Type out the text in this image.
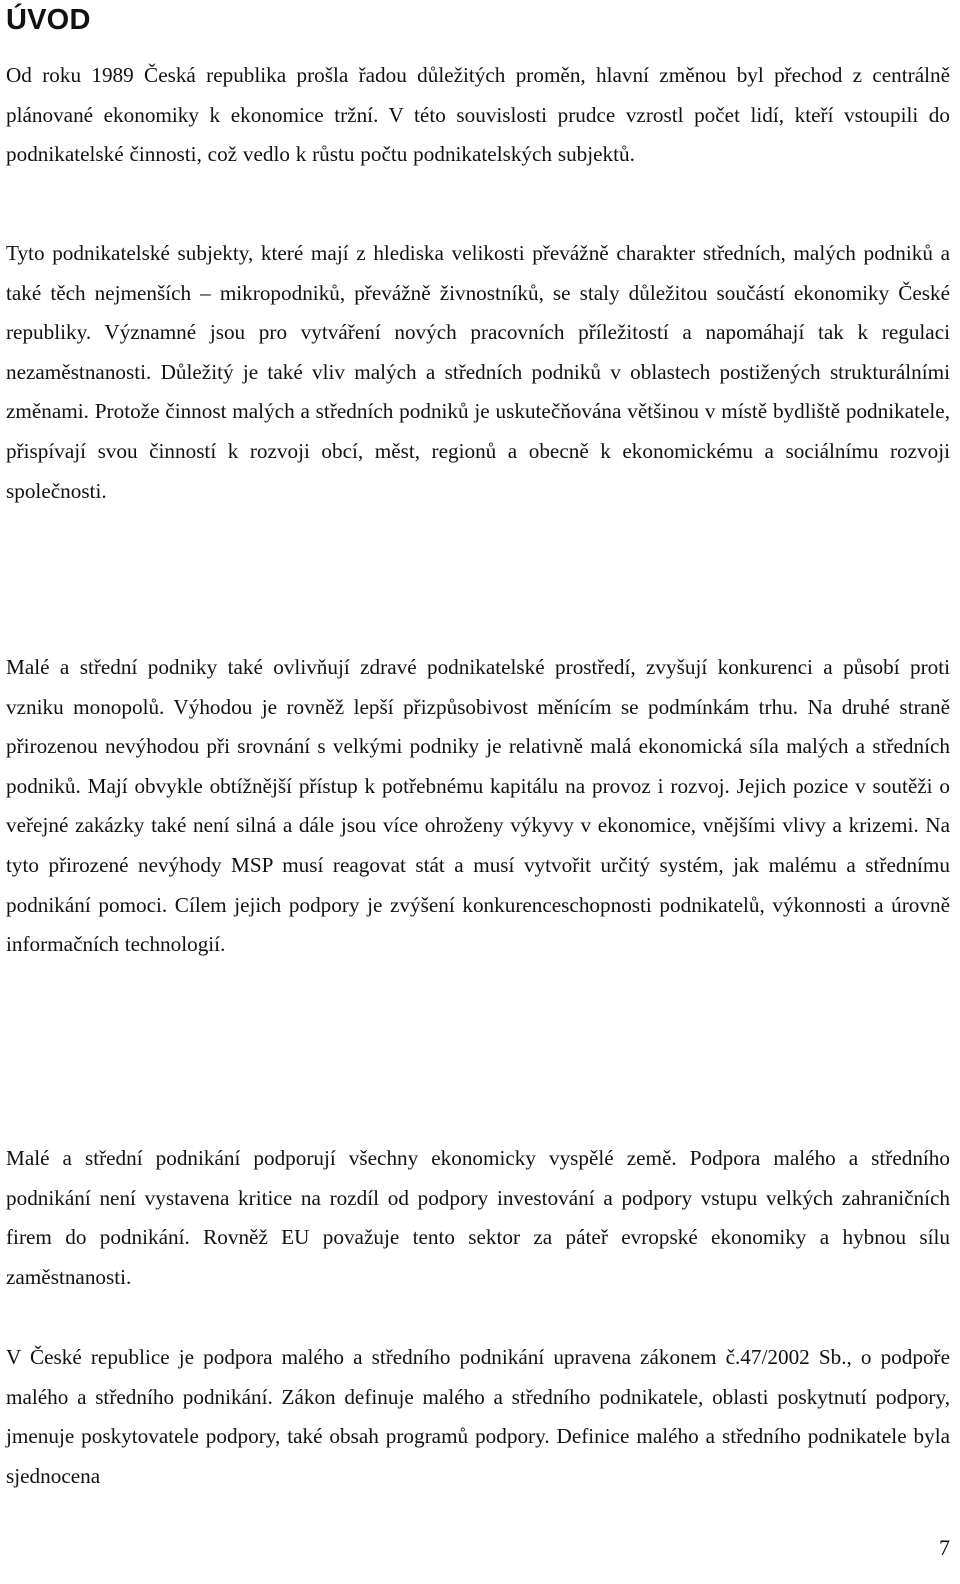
ÚVOD

Od roku 1989 Česká republika prošla řadou důležitých proměn, hlavní změnou byl přechod z centrálně plánované ekonomiky k ekonomice tržní. V této souvislosti prudce vzrostl počet lidí, kteří vstoupili do podnikatelské činnosti, což vedlo k růstu počtu podnikatelských subjektů.

Tyto podnikatelské subjekty, které mají z hlediska velikosti převážně charakter středních, malých podniků a také těch nejmenších – mikropodniků, převážně živnostníků, se staly důležitou součástí ekonomiky České republiky. Významné jsou pro vytváření nových pracovních příležitostí a napomáhají tak k regulaci nezaměstnanosti. Důležitý je také vliv malých a středních podniků v oblastech postižených strukturálními změnami. Protože činnost malých a středních podniků je uskutečňována většinou v místě bydliště podnikatele, přispívají svou činností k rozvoji obcí, měst, regionů a obecně k ekonomickému a sociálnímu rozvoji společnosti.

Malé a střední podniky také ovlivňují zdravé podnikatelské prostředí, zvyšují konkurenci a působí proti vzniku monopolů. Výhodou je rovněž lepší přizpůsobivost měnícím se podmínkám trhu. Na druhé straně přirozenou nevýhodou při srovnání s velkými podniky je relativně malá ekonomická síla malých a středních podniků. Mají obvykle obtížnější přístup k potřebnému kapitálu na provoz i rozvoj. Jejich pozice v soutěži o veřejné zakázky také není silná a dále jsou více ohroženy výkyvy v ekonomice, vnějšími vlivy a krizemi. Na tyto přirozené nevýhody MSP musí reagovat stát a musí vytvořit určitý systém, jak malému a střednímu podnikání pomoci. Cílem jejich podpory je zvýšení konkurenceschopnosti podnikatelů, výkonnosti a úrovně informačních technologií.

Malé a střední podnikání podporují všechny ekonomicky vyspělé země. Podpora malého a středního podnikání není vystavena kritice na rozdíl od podpory investování a podpory vstupu velkých zahraničních firem do podnikání. Rovněž EU považuje tento sektor za páteř evropské ekonomiky a hybnou sílu zaměstnanosti.

V České republice je podpora malého a středního podnikání upravena zákonem č.47/2002 Sb., o podpoře malého a středního podnikání. Zákon definuje malého a středního podnikatele, oblasti poskytnutí podpory, jmenuje poskytovatele podpory, také obsah programů podpory. Definice malého a středního podnikatele byla sjednocena

7
